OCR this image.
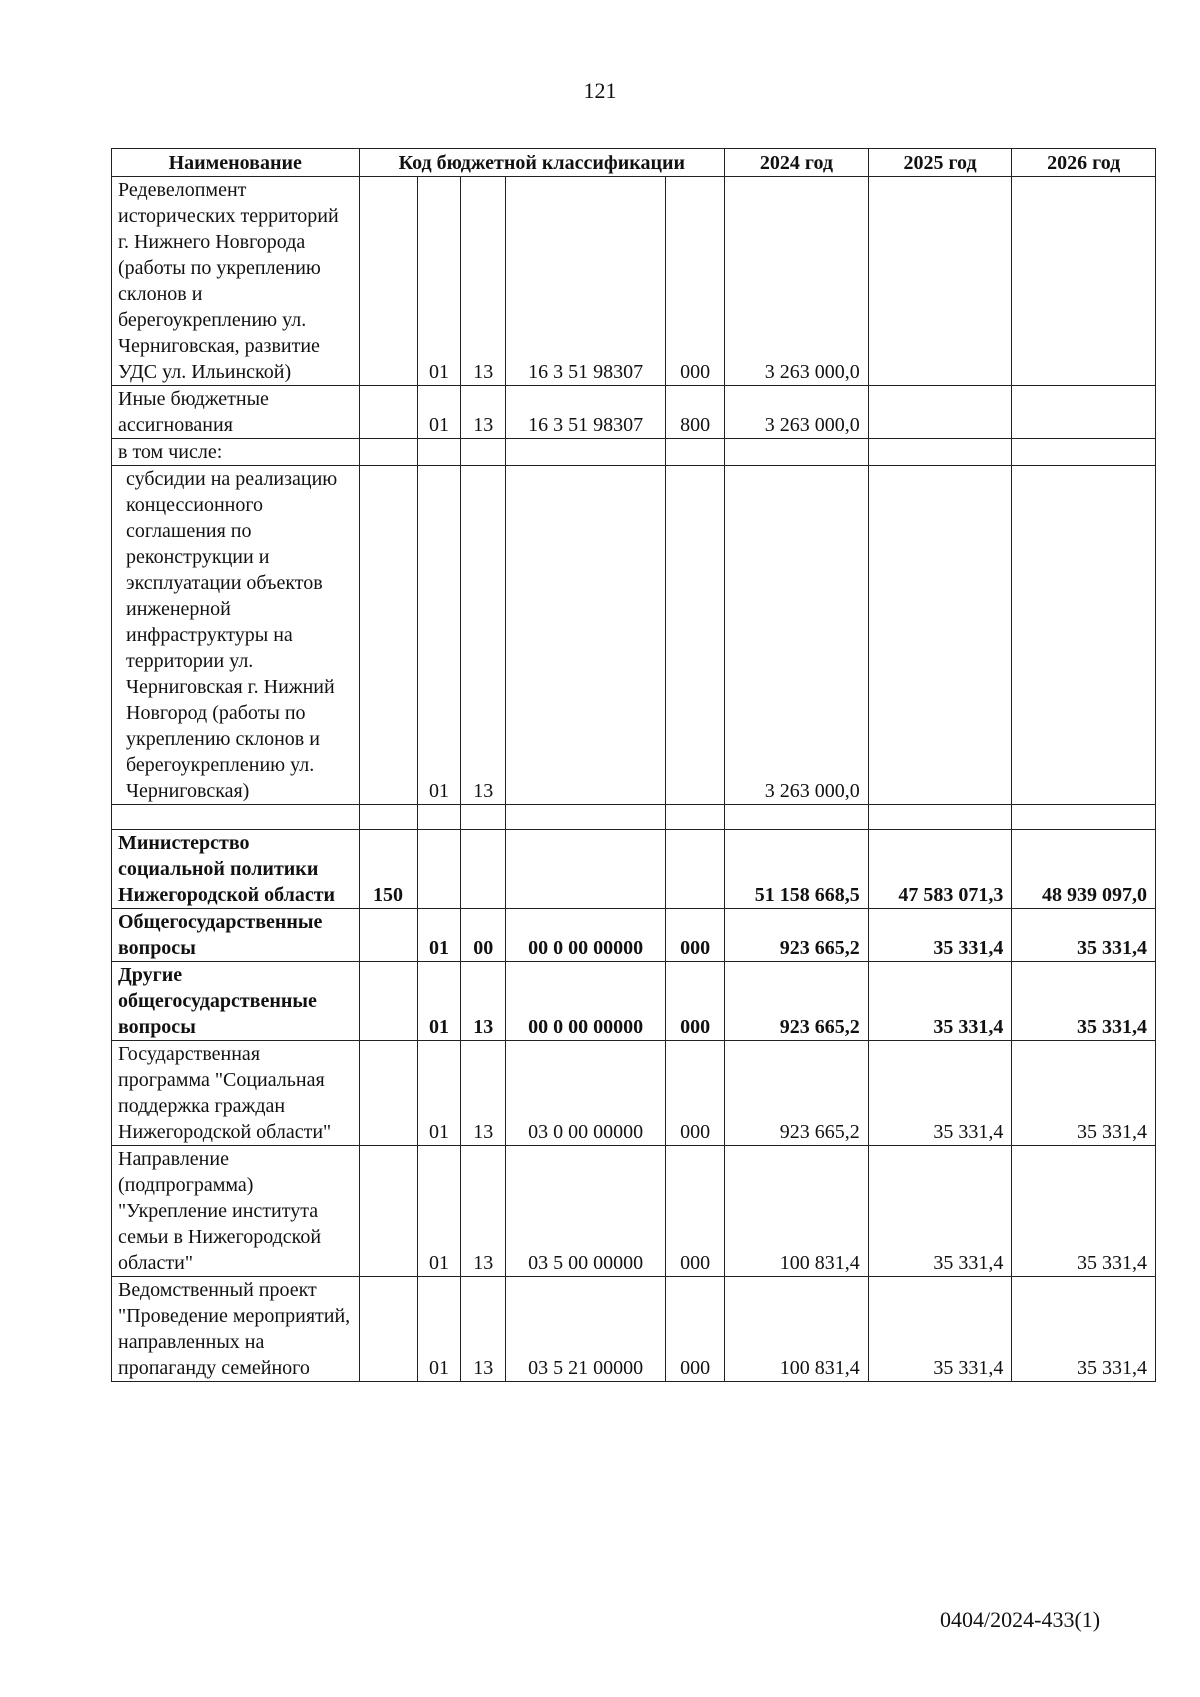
121
Наименование	Код бюджетной классификации					2024 год	2025 год	2026 год
Редевелопмент исторических территорий г. Нижнего Новгорода (работы по укреплению склонов и берегоукреплению ул. Черниговская, развитие УДС ул. Ильинской)		01	13	16 3 51 98307	000	3 263 000,0		
Иные бюджетные ассигнования		01	13	16 3 51 98307	800	3 263 000,0		
в том числе:								
субсидии на реализацию концессионного соглашения по реконструкции и эксплуатации объектов инженерной инфраструктуры на территории ул. Черниговская г. Нижний Новгород (работы по укреплению склонов и берегоукреплению ул. Черниговская)		01	13			3 263 000,0		

Министерство социальной политики Нижегородской области	150					51 158 668,5	47 583 071,3	48 939 097,0
Общегосударственные вопросы		01	00	00 0 00 00000	000	923 665,2	35 331,4	35 331,4
Другие общегосударственные вопросы		01	13	00 0 00 00000	000	923 665,2	35 331,4	35 331,4
Государственная программа "Социальная поддержка граждан Нижегородской области"		01	13	03 0 00 00000	000	923 665,2	35 331,4	35 331,4
Направление (подпрограмма) "Укрепление института семьи в Нижегородской области"		01	13	03 5 00 00000	000	100 831,4	35 331,4	35 331,4
Ведомственный проект "Проведение мероприятий, направленных на пропаганду семейного		01	13	03 5 21 00000	000	100 831,4	35 331,4	35 331,4
0404/2024-433(1)
